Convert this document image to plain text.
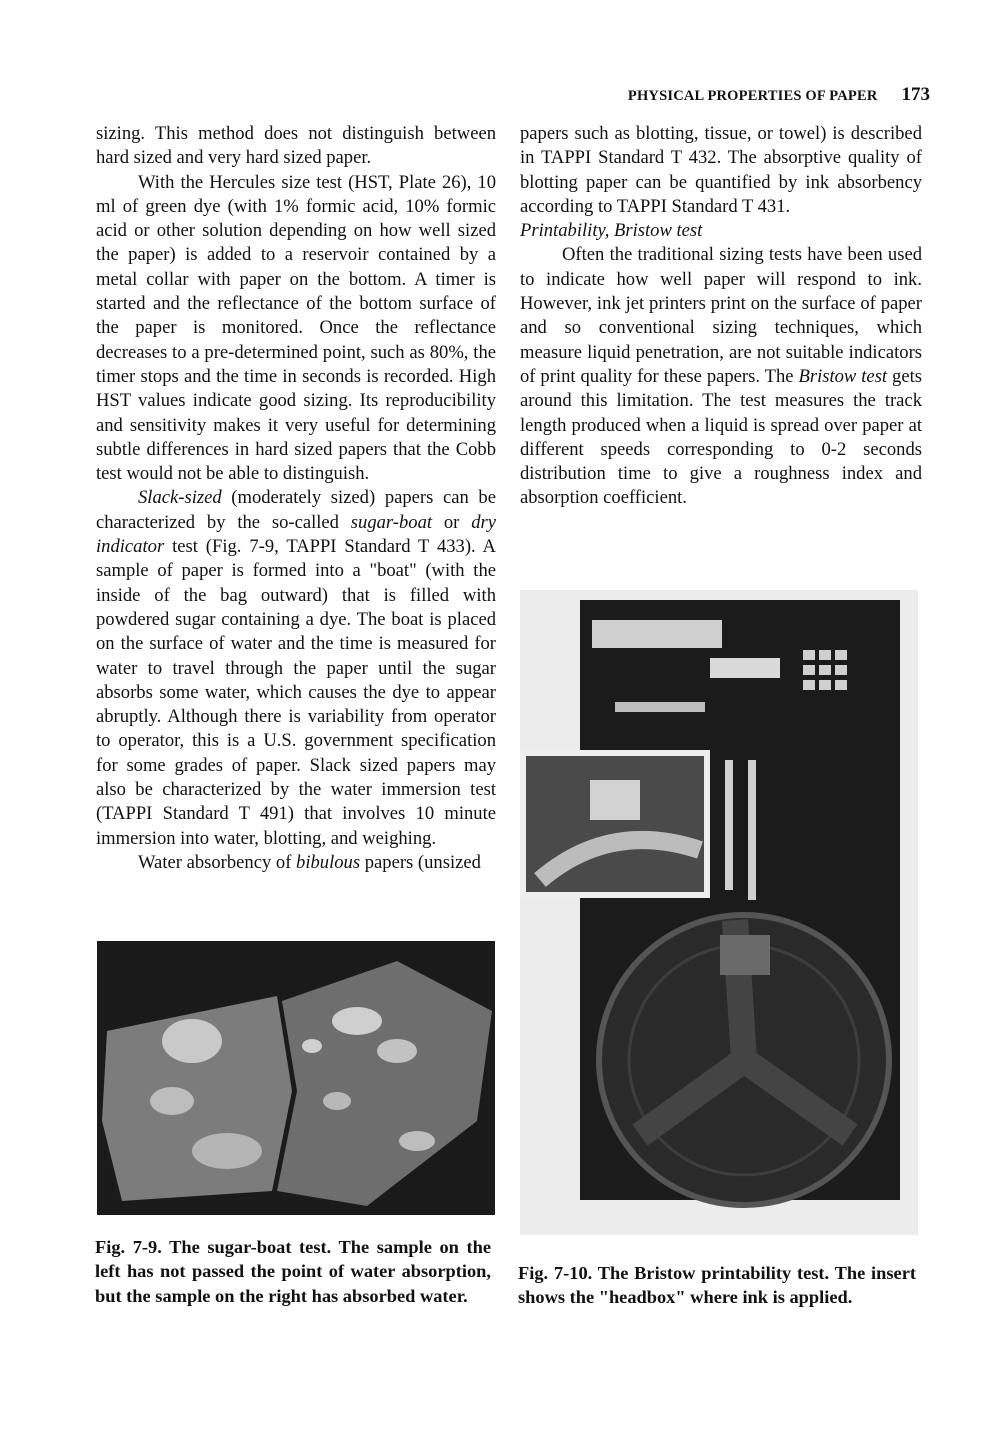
PHYSICAL PROPERTIES OF PAPER 173

sizing. This method does not distinguish between hard sized and very hard sized paper.

With the Hercules size test (HST, Plate 26), 10 ml of green dye (with 1% formic acid, 10% formic acid or other solution depending on how well sized the paper) is added to a reservoir contained by a metal collar with paper on the bottom. A timer is started and the reflectance of the bottom surface of the paper is monitored. Once the reflectance decreases to a pre-determined point, such as 80%, the timer stops and the time in seconds is recorded. High HST values indicate good sizing. Its reproducibility and sensitivity makes it very useful for determining subtle differences in hard sized papers that the Cobb test would not be able to distinguish.

Slack-sized (moderately sized) papers can be characterized by the so-called sugar-boat or dry indicator test (Fig. 7-9, TAPPI Standard T 433). A sample of paper is formed into a "boat" (with the inside of the bag outward) that is filled with powdered sugar containing a dye. The boat is placed on the surface of water and the time is measured for water to travel through the paper until the sugar absorbs some water, which causes the dye to appear abruptly. Although there is variability from operator to operator, this is a U.S. government specification for some grades of paper. Slack sized papers may also be characterized by the water immersion test (TAPPI Standard T 491) that involves 10 minute immersion into water, blotting, and weighing.

Water absorbency of bibulous papers (unsized

papers such as blotting, tissue, or towel) is described in TAPPI Standard T 432. The absorptive quality of blotting paper can be quantified by ink absorbency according to TAPPI Standard T 431.

Printability, Bristow test

Often the traditional sizing tests have been used to indicate how well paper will respond to ink. However, ink jet printers print on the surface of paper and so conventional sizing techniques, which measure liquid penetration, are not suitable indicators of print quality for these papers. The Bristow test gets around this limitation. The test measures the track length produced when a liquid is spread over paper at different speeds corresponding to 0-2 seconds distribution time to give a roughness index and absorption coefficient.

Fig. 7-9. The sugar-boat test. The sample on the left has not passed the point of water absorption, but the sample on the right has absorbed water.
Fig. 7-10. The Bristow printability test. The insert shows the "headbox" where ink is applied.
